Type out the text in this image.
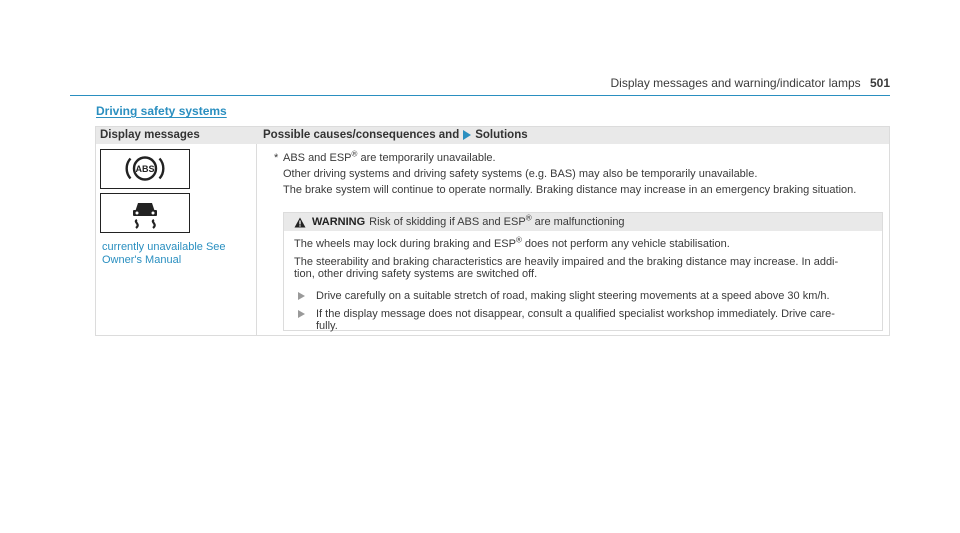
Display messages and warning/indicator lamps 501
Driving safety systems
Display messages	Possible causes/consequences and Solutions
ABS
currently unavailable See Owner's Manual
* ABS and ESP® are temporarily unavailable.
Other driving systems and driving safety systems (e.g. BAS) may also be temporarily unavailable.
The brake system will continue to operate normally. Braking distance may increase in an emergency braking situation.
WARNING Risk of skidding if ABS and ESP® are malfunctioning
The wheels may lock during braking and ESP® does not perform any vehicle stabilisation.
The steerability and braking characteristics are heavily impaired and the braking distance may increase. In addi-
tion, other driving safety systems are switched off.
Drive carefully on a suitable stretch of road, making slight steering movements at a speed above 30 km/h.
If the display message does not disappear, consult a qualified specialist workshop immediately. Drive care-
fully.
